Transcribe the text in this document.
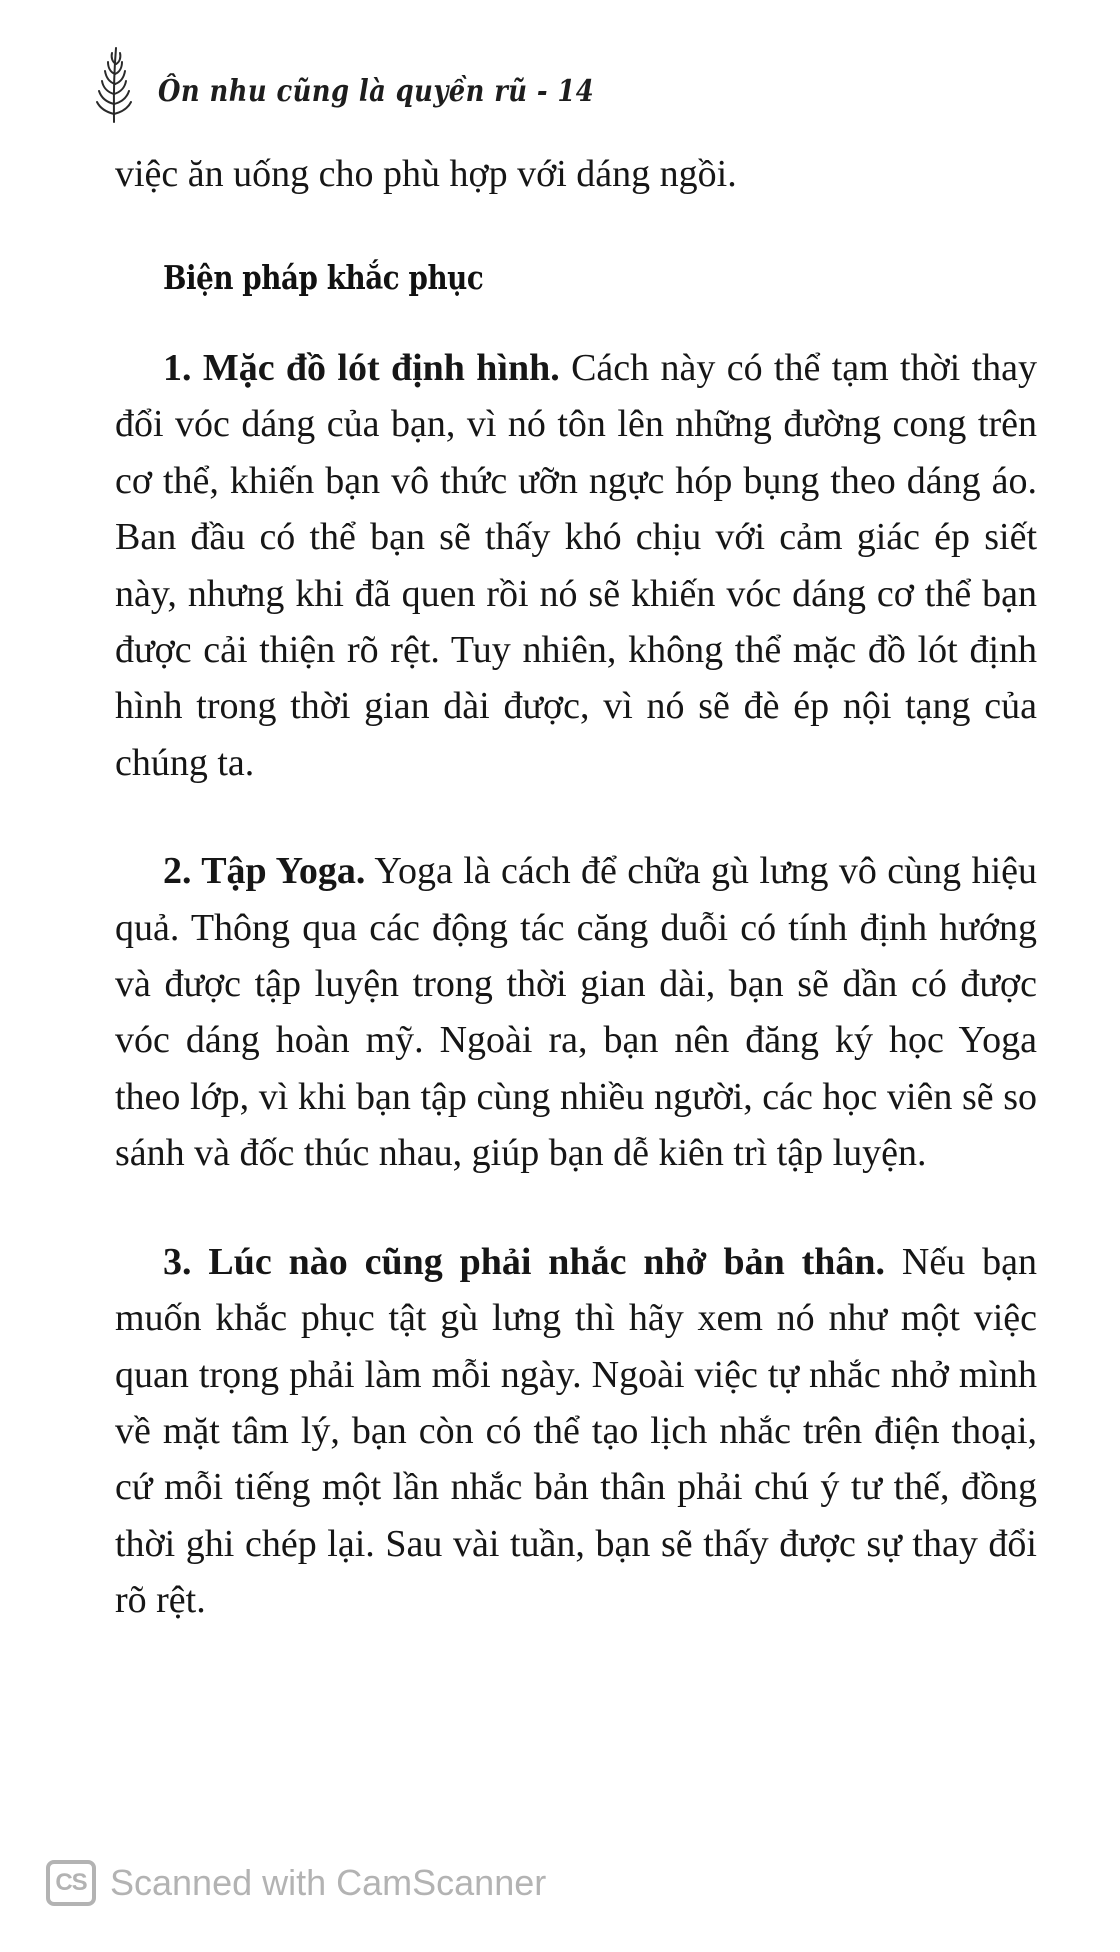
Ôn nhu cũng là quyền rũ - 14

việc ăn uống cho phù hợp với dáng ngồi.

Biện pháp khắc phục

1. Mặc đồ lót định hình. Cách này có thể tạm thời thay đổi vóc dáng của bạn, vì nó tôn lên những đường cong trên cơ thể, khiến bạn vô thức ưỡn ngực hóp bụng theo dáng áo. Ban đầu có thể bạn sẽ thấy khó chịu với cảm giác ép siết này, nhưng khi đã quen rồi nó sẽ khiến vóc dáng cơ thể bạn được cải thiện rõ rệt. Tuy nhiên, không thể mặc đồ lót định hình trong thời gian dài được, vì nó sẽ đè ép nội tạng của chúng ta.

2. Tập Yoga. Yoga là cách để chữa gù lưng vô cùng hiệu quả. Thông qua các động tác căng duỗi có tính định hướng và được tập luyện trong thời gian dài, bạn sẽ dần có được vóc dáng hoàn mỹ. Ngoài ra, bạn nên đăng ký học Yoga theo lớp, vì khi bạn tập cùng nhiều người, các học viên sẽ so sánh và đốc thúc nhau, giúp bạn dễ kiên trì tập luyện.

3. Lúc nào cũng phải nhắc nhở bản thân. Nếu bạn muốn khắc phục tật gù lưng thì hãy xem nó như một việc quan trọng phải làm mỗi ngày. Ngoài việc tự nhắc nhở mình về mặt tâm lý, bạn còn có thể tạo lịch nhắc trên điện thoại, cứ mỗi tiếng một lần nhắc bản thân phải chú ý tư thế, đồng thời ghi chép lại. Sau vài tuần, bạn sẽ thấy được sự thay đổi rõ rệt.

CS Scanned with CamScanner
